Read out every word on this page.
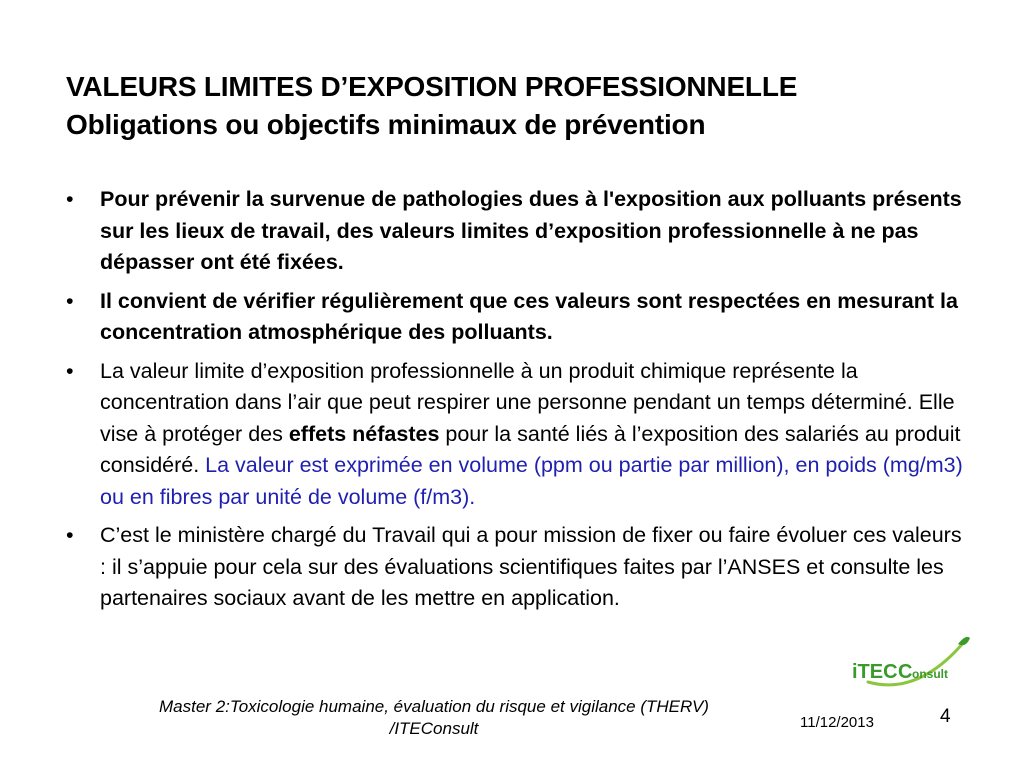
VALEURS LIMITES D’EXPOSITION PROFESSIONNELLE
Obligations ou objectifs minimaux de prévention
• Pour prévenir la survenue de pathologies dues à l'exposition aux polluants présents sur les lieux de travail, des valeurs limites d’exposition professionnelle à ne pas dépasser ont été fixées.
• Il convient de vérifier régulièrement que ces valeurs sont respectées en mesurant la concentration atmosphérique des polluants.
• La valeur limite d’exposition professionnelle à un produit chimique représente la concentration dans l’air que peut respirer une personne pendant un temps déterminé. Elle vise à protéger des effets néfastes pour la santé liés à l’exposition des salariés au produit considéré. La valeur est exprimée en volume (ppm ou partie par million), en poids (mg/m3) ou en fibres par unité de volume (f/m3).
• C’est le ministère chargé du Travail qui a pour mission de fixer ou faire évoluer ces valeurs : il s’appuie pour cela sur des évaluations scientifiques faites par l’ANSES et consulte les partenaires sociaux avant de les mettre en application.
iTEC C onsult
Master 2:Toxicologie humaine, évaluation du risque et vigilance (THERV)
/ITEConsult	11/12/2013	4
